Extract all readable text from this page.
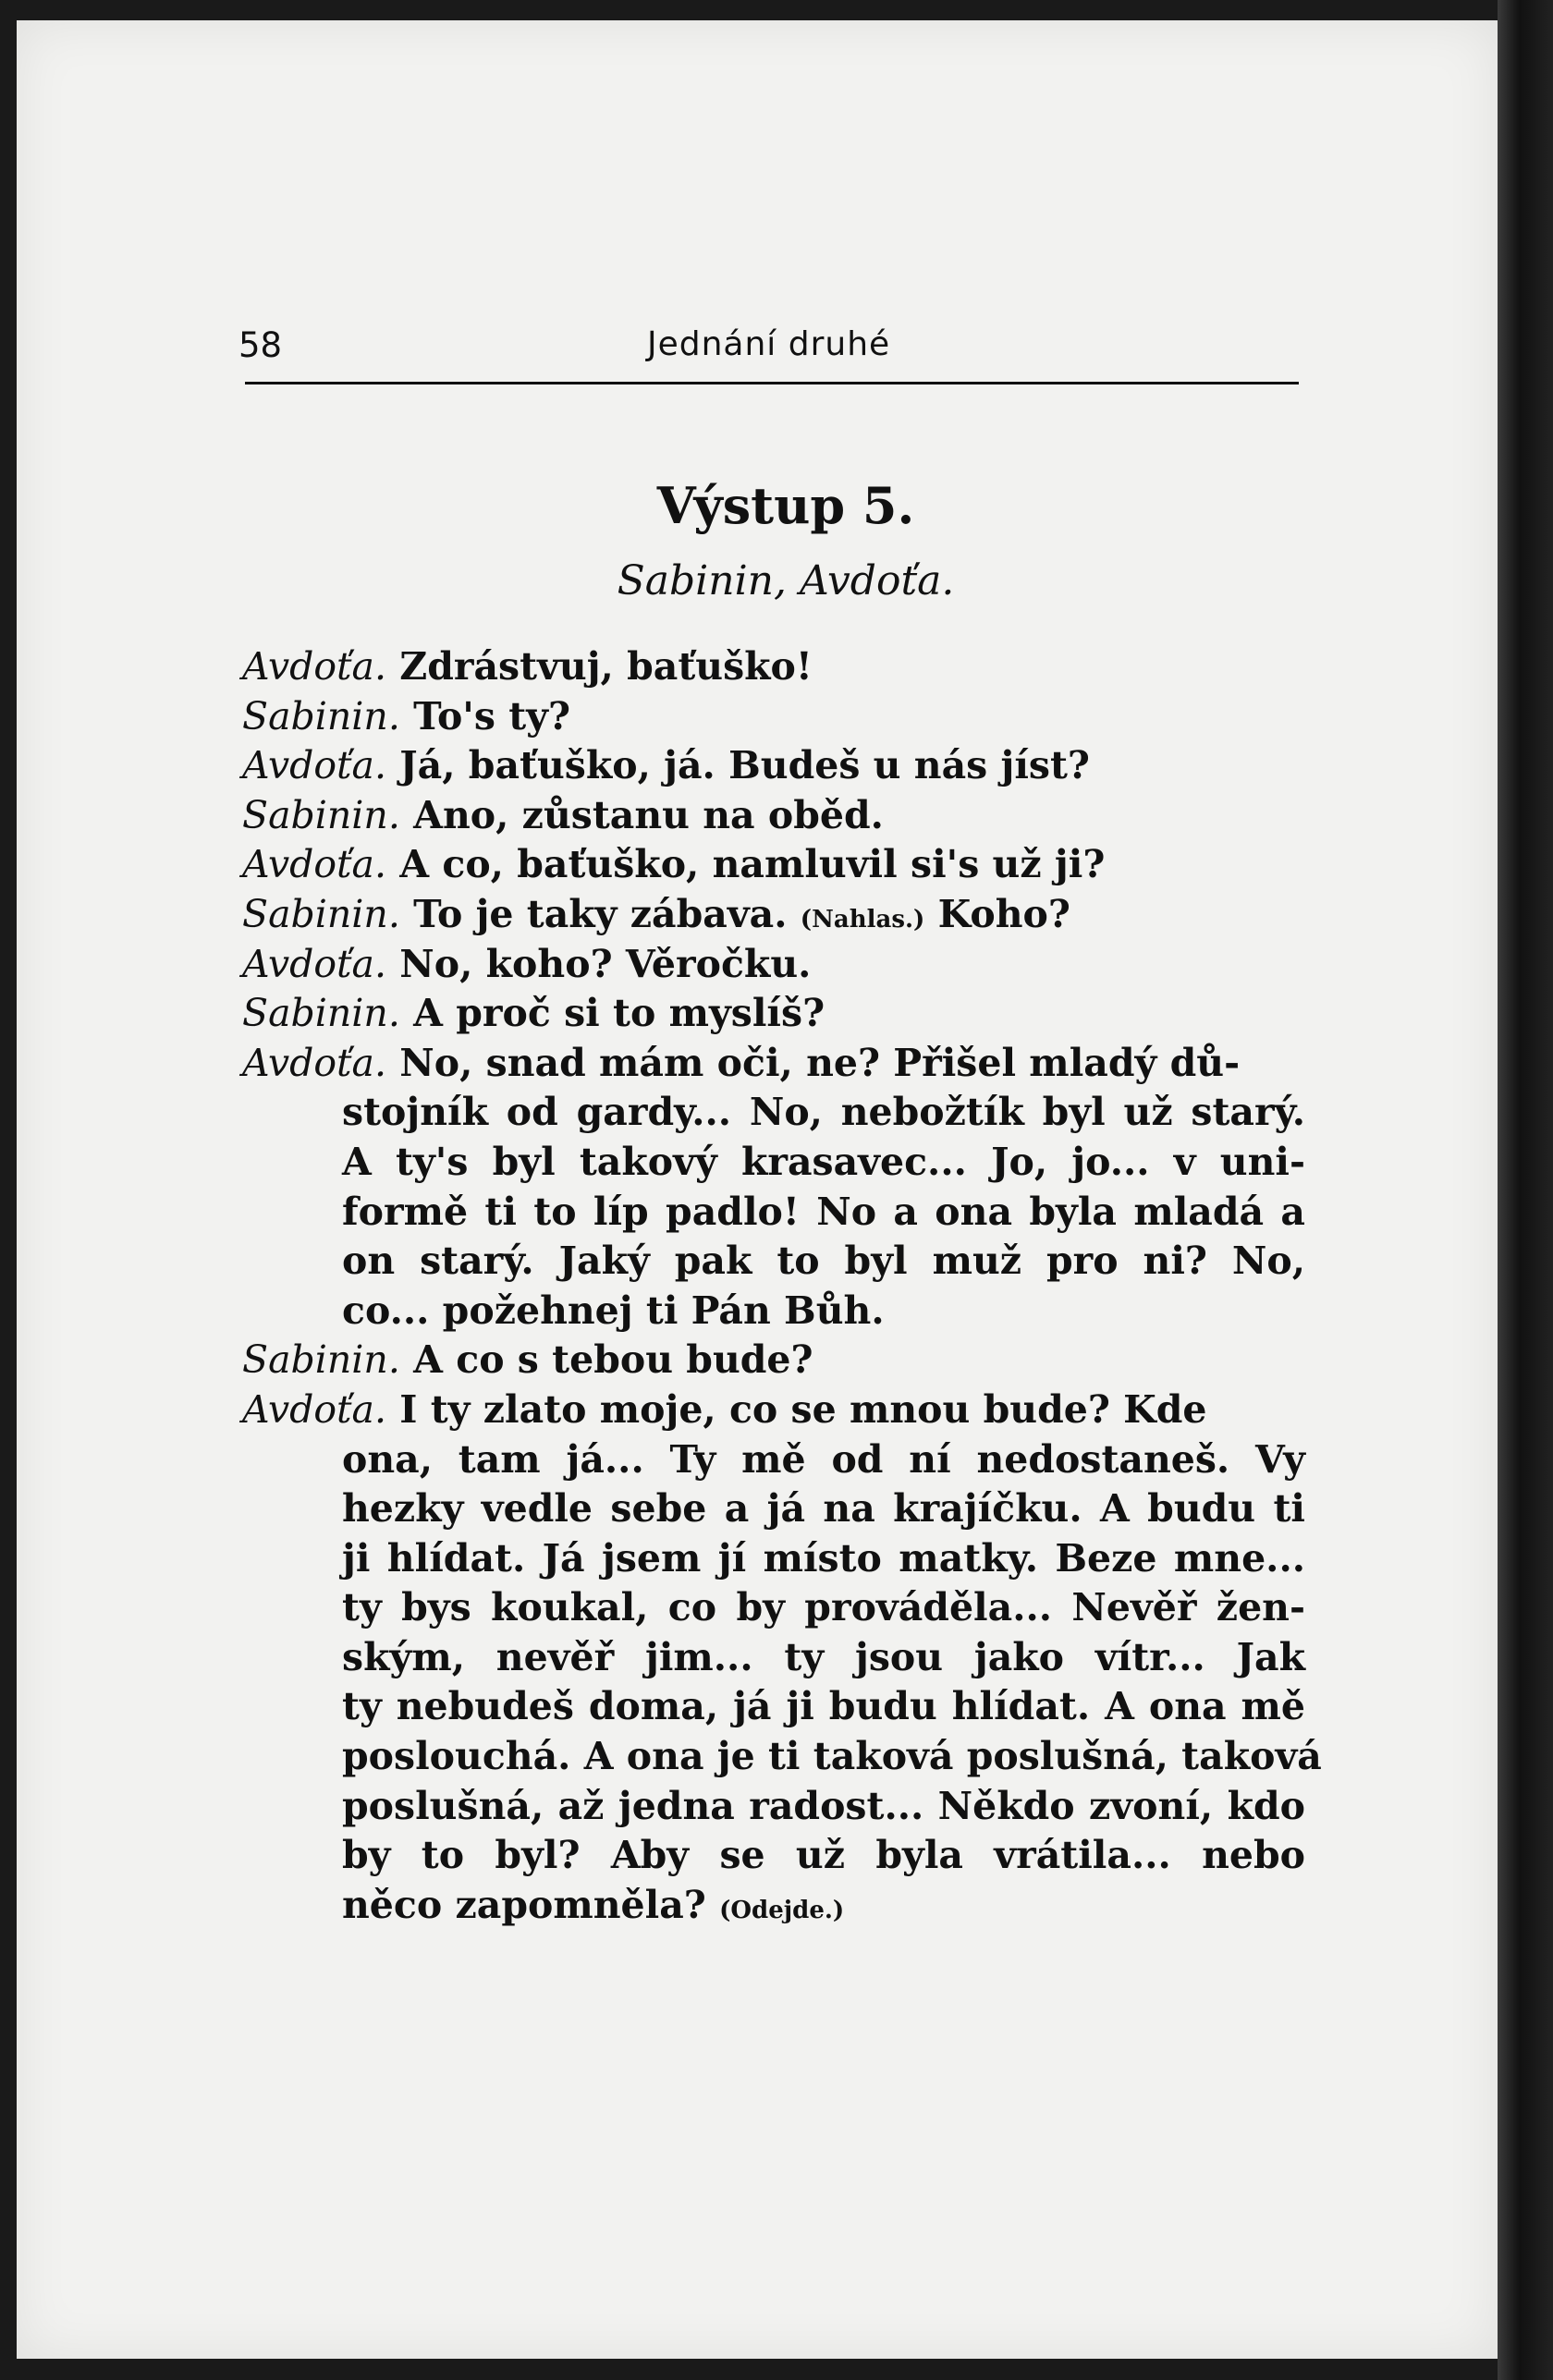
58	Jednání druhé
Výstup 5.
Sabinin, Avdoťa.
Avdoťa. Zdrástvuj, baťuško!
Sabinin. To's ty?
Avdoťa. Já, baťuško, já. Budeš u nás jíst?
Sabinin. Ano, zůstanu na oběd.
Avdoťa. A co, baťuško, namluvil si's už ji?
Sabinin. To je taky zábava. (Nahlas.) Koho?
Avdoťa. No, koho? Věročku.
Sabinin. A proč si to myslíš?
Avdoťa. No, snad mám oči, ne? Přišel mladý dů-
stojník od gardy... No, nebožtík byl už starý.
A ty's byl takový krasavec... Jo, jo... v uni-
formě ti to líp padlo! No a ona byla mladá a
on starý. Jaký pak to byl muž pro ni? No,
co... požehnej ti Pán Bůh.
Sabinin. A co s tebou bude?
Avdoťa. I ty zlato moje, co se mnou bude? Kde
ona, tam já... Ty mě od ní nedostaneš. Vy
hezky vedle sebe a já na krajíčku. A budu ti
ji hlídat. Já jsem jí místo matky. Beze mne...
ty bys koukal, co by prováděla... Nevěř žen-
ským, nevěř jim... ty jsou jako vítr... Jak
ty nebudeš doma, já ji budu hlídat. A ona mě
poslouchá. A ona je ti taková poslušná, taková
poslušná, až jedna radost... Někdo zvoní, kdo
by to byl? Aby se už byla vrátila... nebo
něco zapomněla? (Odejde.)
